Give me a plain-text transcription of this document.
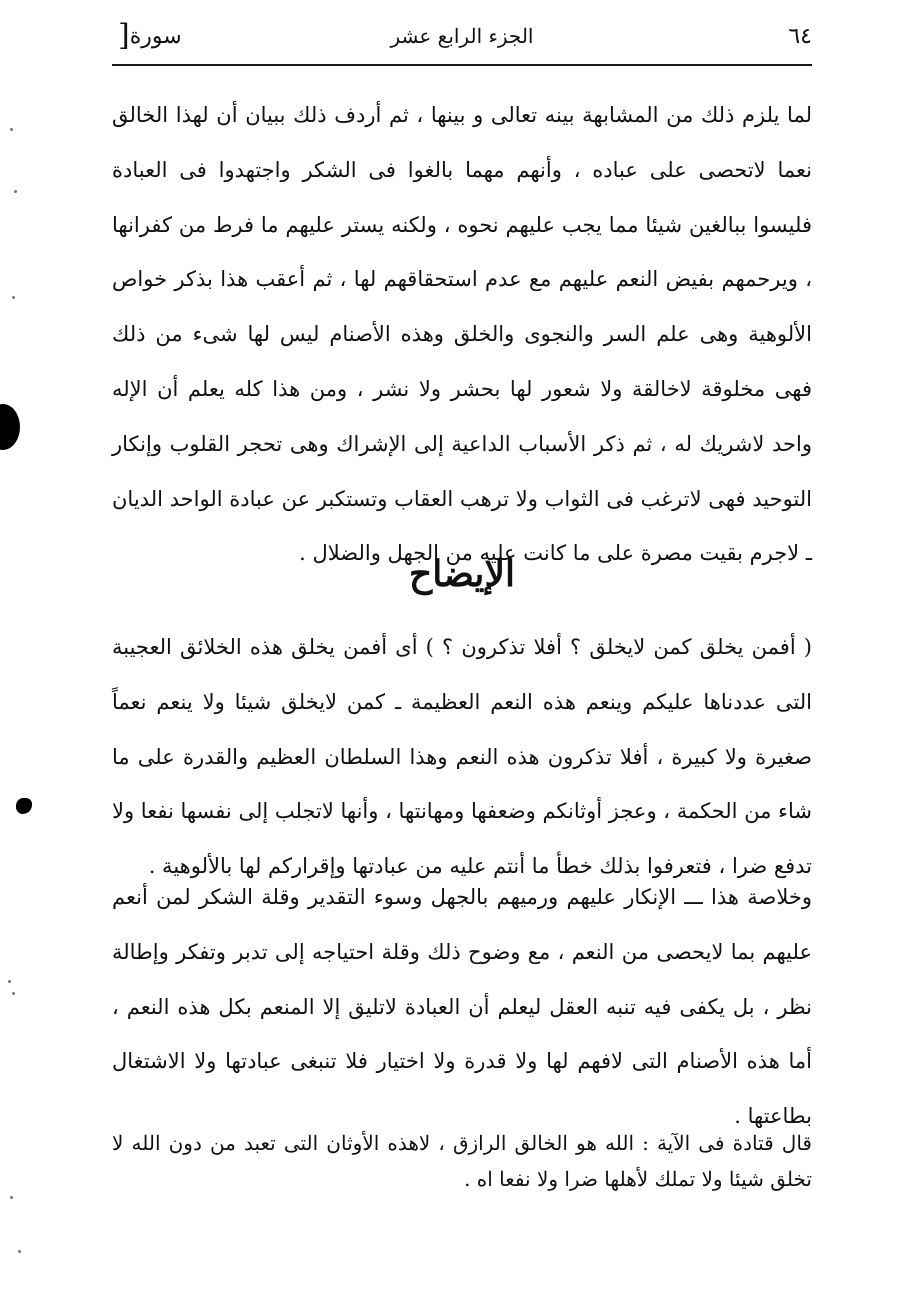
٦٤
الجزء الرابع عشر
سورة[

لما يلزم ذلك من المشابهة بينه تعالى و بينها ، ثم أردف ذلك ببيان أن لهذا الخالق نعما لاتحصى على عباده ، وأنهم مهما بالغوا فى الشكر واجتهدوا فى العبادة فليسوا ببالغين شيئا مما يجب عليهم نحوه ، ولكنه يستر عليهم ما فرط من كفرانها ، ويرحمهم بفيض النعم عليهم مع عدم استحقاقهم لها ، ثم أعقب هذا بذكر خواص الألوهية وهى علم السر والنجوى والخلق وهذه الأصنام ليس لها شىء من ذلك فهى مخلوقة لاخالقة ولا شعور لها بحشر ولا نشر ، ومن هذا كله يعلم أن الإله واحد لاشريك له ، ثم ذكر الأسباب الداعية إلى الإشراك وهى تحجر القلوب وإنكار التوحيد فهى لاترغب فى الثواب ولا ترهب العقاب وتستكبر عن عبادة الواحد الديان ـ لاجرم بقيت مصرة على ما كانت عليه من الجهل والضلال .

الإيضاح

( أفمن يخلق كمن لايخلق ؟ أفلا تذكرون ؟ ) أى أفمن يخلق هذه الخلائق العجيبة التى عددناها عليكم وينعم هذه النعم العظيمة ـ كمن لايخلق شيئا ولا ينعم نعماً صغيرة ولا كبيرة ، أفلا تذكرون هذه النعم وهذا السلطان العظيم والقدرة على ما شاء من الحكمة ، وعجز أوثانكم وضعفها ومهانتها ، وأنها لاتجلب إلى نفسها نفعا ولا تدفع ضرا ، فتعرفوا بذلك خطأ ما أنتم عليه من عبادتها وإقراركم لها بالألوهية .

وخلاصة هذا ـــ الإنكار عليهم ورميهم بالجهل وسوء التقدير وقلة الشكر لمن أنعم عليهم بما لايحصى من النعم ، مع وضوح ذلك وقلة احتياجه إلى تدبر وتفكر وإطالة نظر ، بل يكفى فيه تنبه العقل ليعلم أن العبادة لاتليق إلا المنعم بكل هذه النعم ، أما هذه الأصنام التى لافهم لها ولا قدرة ولا اختيار فلا تنبغى عبادتها ولا الاشتغال بطاعتها .

قال قتادة فى الآية : الله هو الخالق الرازق ، لاهذه الأوثان التى تعبد من دون الله لا تخلق شيئا ولا تملك لأهلها ضرا ولا نفعا اه .
